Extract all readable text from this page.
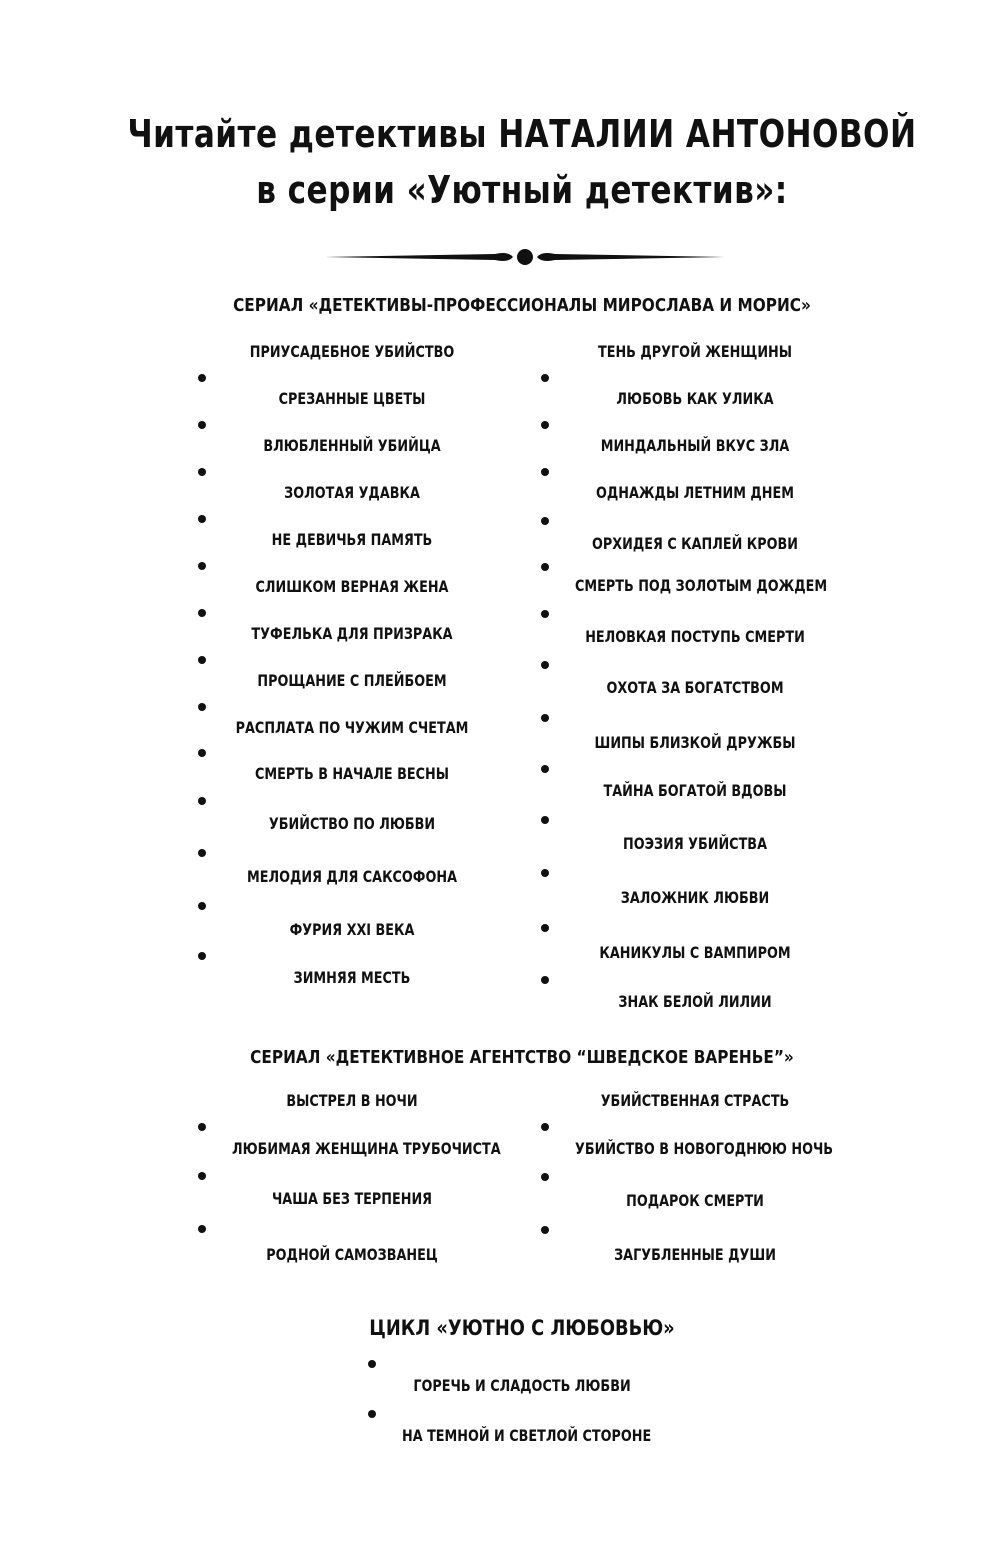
Читайте детективы НАТАЛИИ АНТОНОВОЙ
в серии «Уютный детектив»:
СЕРИАЛ «ДЕТЕКТИВЫ-ПРОФЕССИОНАЛЫ МИРОСЛАВА И МОРИС»
ПРИУСАДЕБНОЕ УБИЙСТВО
СРЕЗАННЫЕ ЦВЕТЫ
ВЛЮБЛЕННЫЙ УБИЙЦА
ЗОЛОТАЯ УДАВКА
НЕ ДЕВИЧЬЯ ПАМЯТЬ
СЛИШКОМ ВЕРНАЯ ЖЕНА
ТУФЕЛЬКА ДЛЯ ПРИЗРАКА
ПРОЩАНИЕ С ПЛЕЙБОЕМ
РАСПЛАТА ПО ЧУЖИМ СЧЕТАМ
СМЕРТЬ В НАЧАЛЕ ВЕСНЫ
УБИЙСТВО ПО ЛЮБВИ
МЕЛОДИЯ ДЛЯ САКСОФОНА
ФУРИЯ XXI ВЕКА
ЗИМНЯЯ МЕСТЬ
ТЕНЬ ДРУГОЙ ЖЕНЩИНЫ
ЛЮБОВЬ КАК УЛИКА
МИНДАЛЬНЫЙ ВКУС ЗЛА
ОДНАЖДЫ ЛЕТНИМ ДНЕМ
ОРХИДЕЯ С КАПЛЕЙ КРОВИ
СМЕРТЬ ПОД ЗОЛОТЫМ ДОЖДЕМ
НЕЛОВКАЯ ПОСТУПЬ СМЕРТИ
ОХОТА ЗА БОГАТСТВОМ
ШИПЫ БЛИЗКОЙ ДРУЖБЫ
ТАЙНА БОГАТОЙ ВДОВЫ
ПОЭЗИЯ УБИЙСТВА
ЗАЛОЖНИК ЛЮБВИ
КАНИКУЛЫ С ВАМПИРОМ
ЗНАК БЕЛОЙ ЛИЛИИ
СЕРИАЛ «ДЕТЕКТИВНОЕ АГЕНТСТВО “ШВЕДСКОЕ ВАРЕНЬЕ”»
ВЫСТРЕЛ В НОЧИ
ЛЮБИМАЯ ЖЕНЩИНА ТРУБОЧИСТА
ЧАША БЕЗ ТЕРПЕНИЯ
РОДНОЙ САМОЗВАНЕЦ
УБИЙСТВЕННАЯ СТРАСТЬ
УБИЙСТВО В НОВОГОДНЮЮ НОЧЬ
ПОДАРОК СМЕРТИ
ЗАГУБЛЕННЫЕ ДУШИ
ЦИКЛ «УЮТНО С ЛЮБОВЬЮ»
ГОРЕЧЬ И СЛАДОСТЬ ЛЮБВИ
НА ТЕМНОЙ И СВЕТЛОЙ СТОРОНЕ
